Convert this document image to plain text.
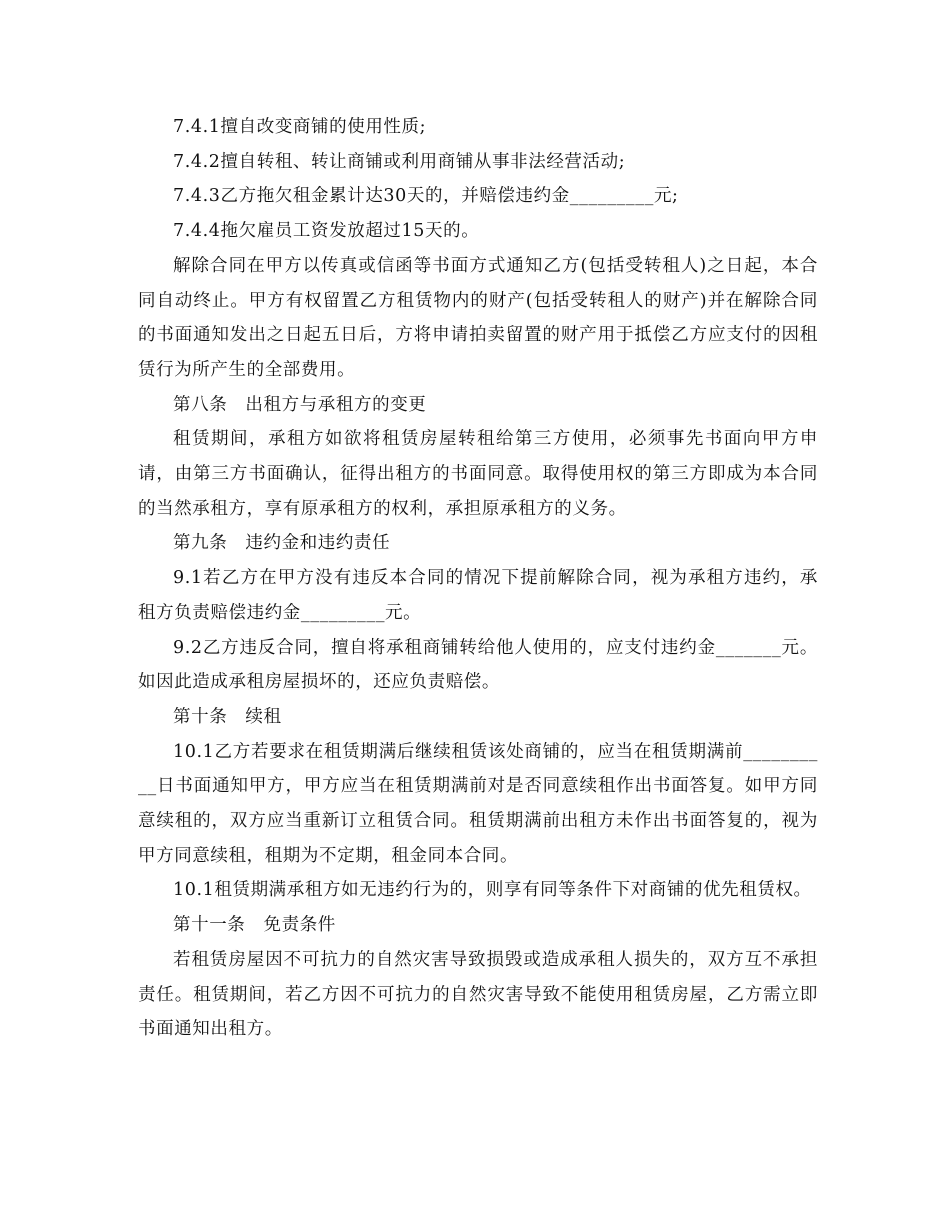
7.4.1擅自改变商铺的使用性质;

7.4.2擅自转租、转让商铺或利用商铺从事非法经营活动;

7.4.3乙方拖欠租金累计达30天的，并赔偿违约金_________元;

7.4.4拖欠雇员工资发放超过15天的。

解除合同在甲方以传真或信函等书面方式通知乙方(包括受转租人)之日起，本合同自动终止。甲方有权留置乙方租赁物内的财产(包括受转租人的财产)并在解除合同的书面通知发出之日起五日后，方将申请拍卖留置的财产用于抵偿乙方应支付的因租赁行为所产生的全部费用。

第八条　出租方与承租方的变更

租赁期间，承租方如欲将租赁房屋转租给第三方使用，必须事先书面向甲方申请，由第三方书面确认，征得出租方的书面同意。取得使用权的第三方即成为本合同的当然承租方，享有原承租方的权利，承担原承租方的义务。

第九条　违约金和违约责任

9.1若乙方在甲方没有违反本合同的情况下提前解除合同，视为承租方违约，承租方负责赔偿违约金_________元。

9.2乙方违反合同，擅自将承租商铺转给他人使用的，应支付违约金_______元。如因此造成承租房屋损坏的，还应负责赔偿。

第十条　续租

10.1乙方若要求在租赁期满后继续租赁该处商铺的，应当在租赁期满前__________日书面通知甲方，甲方应当在租赁期满前对是否同意续租作出书面答复。如甲方同意续租的，双方应当重新订立租赁合同。租赁期满前出租方未作出书面答复的，视为甲方同意续租，租期为不定期，租金同本合同。

10.1租赁期满承租方如无违约行为的，则享有同等条件下对商铺的优先租赁权。

第十一条　免责条件

若租赁房屋因不可抗力的自然灾害导致损毁或造成承租人损失的，双方互不承担责任。租赁期间，若乙方因不可抗力的自然灾害导致不能使用租赁房屋，乙方需立即书面通知出租方。
